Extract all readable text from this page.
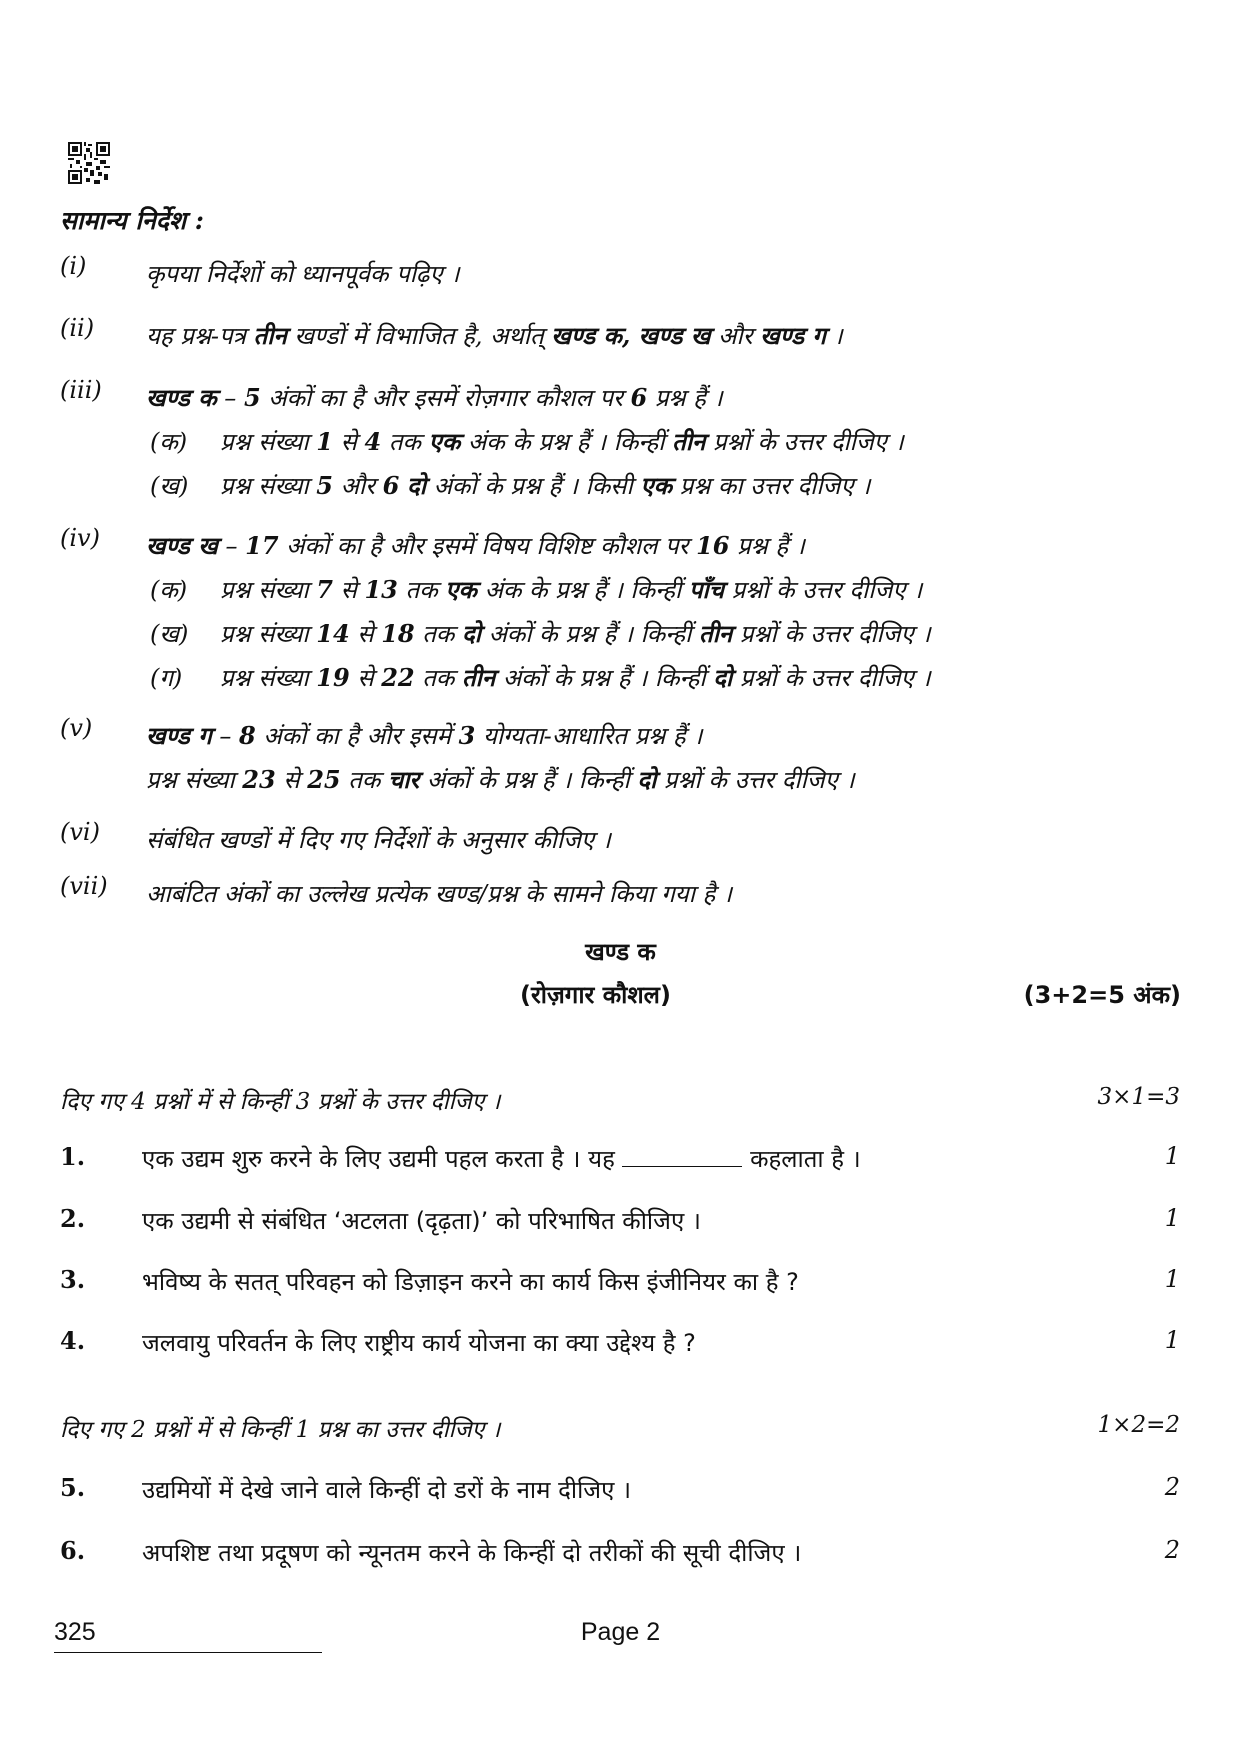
सामान्य निर्देश :
(i)	कृपया निर्देशों को ध्यानपूर्वक पढ़िए ।
(ii)	यह प्रश्न-पत्र तीन खण्डों में विभाजित है, अर्थात् खण्ड क, खण्ड ख और खण्ड ग ।
(iii)	खण्ड क – 5 अंकों का है और इसमें रोज़गार कौशल पर 6 प्रश्न हैं ।
(क) प्रश्न संख्या 1 से 4 तक एक अंक के प्रश्न हैं । किन्हीं तीन प्रश्नों के उत्तर दीजिए ।
(ख) प्रश्न संख्या 5 और 6 दो अंकों के प्रश्न हैं । किसी एक प्रश्न का उत्तर दीजिए ।
(iv)	खण्ड ख – 17 अंकों का है और इसमें विषय विशिष्ट कौशल पर 16 प्रश्न हैं ।
(क) प्रश्न संख्या 7 से 13 तक एक अंक के प्रश्न हैं । किन्हीं पाँच प्रश्नों के उत्तर दीजिए ।
(ख) प्रश्न संख्या 14 से 18 तक दो अंकों के प्रश्न हैं । किन्हीं तीन प्रश्नों के उत्तर दीजिए ।
(ग) प्रश्न संख्या 19 से 22 तक तीन अंकों के प्रश्न हैं । किन्हीं दो प्रश्नों के उत्तर दीजिए ।
(v)	खण्ड ग – 8 अंकों का है और इसमें 3 योग्यता-आधारित प्रश्न हैं ।
प्रश्न संख्या 23 से 25 तक चार अंकों के प्रश्न हैं । किन्हीं दो प्रश्नों के उत्तर दीजिए ।
(vi)	संबंधित खण्डों में दिए गए निर्देशों के अनुसार कीजिए ।
(vii)	आबंटित अंकों का उल्लेख प्रत्येक खण्ड/प्रश्न के सामने किया गया है ।
खण्ड क
(रोज़गार कौशल)	(3+2=5 अंक)
दिए गए 4 प्रश्नों में से किन्हीं 3 प्रश्नों के उत्तर दीजिए ।	3×1=3
1. एक उद्यम शुरु करने के लिए उद्यमी पहल करता है । यह	कहलाता है ।	1
2. एक उद्यमी से संबंधित ‘अटलता (दृढ़ता)’ को परिभाषित कीजिए ।	1
3. भविष्य के सतत् परिवहन को डिज़ाइन करने का कार्य किस इंजीनियर का है ?	1
4. जलवायु परिवर्तन के लिए राष्ट्रीय कार्य योजना का क्या उद्देश्य है ?	1
दिए गए 2 प्रश्नों में से किन्हीं 1 प्रश्न का उत्तर दीजिए ।	1×2=2
5. उद्यमियों में देखे जाने वाले किन्हीं दो डरों के नाम दीजिए ।	2
6. अपशिष्ट तथा प्रदूषण को न्यूनतम करने के किन्हीं दो तरीकों की सूची दीजिए ।	2
325	Page 2
